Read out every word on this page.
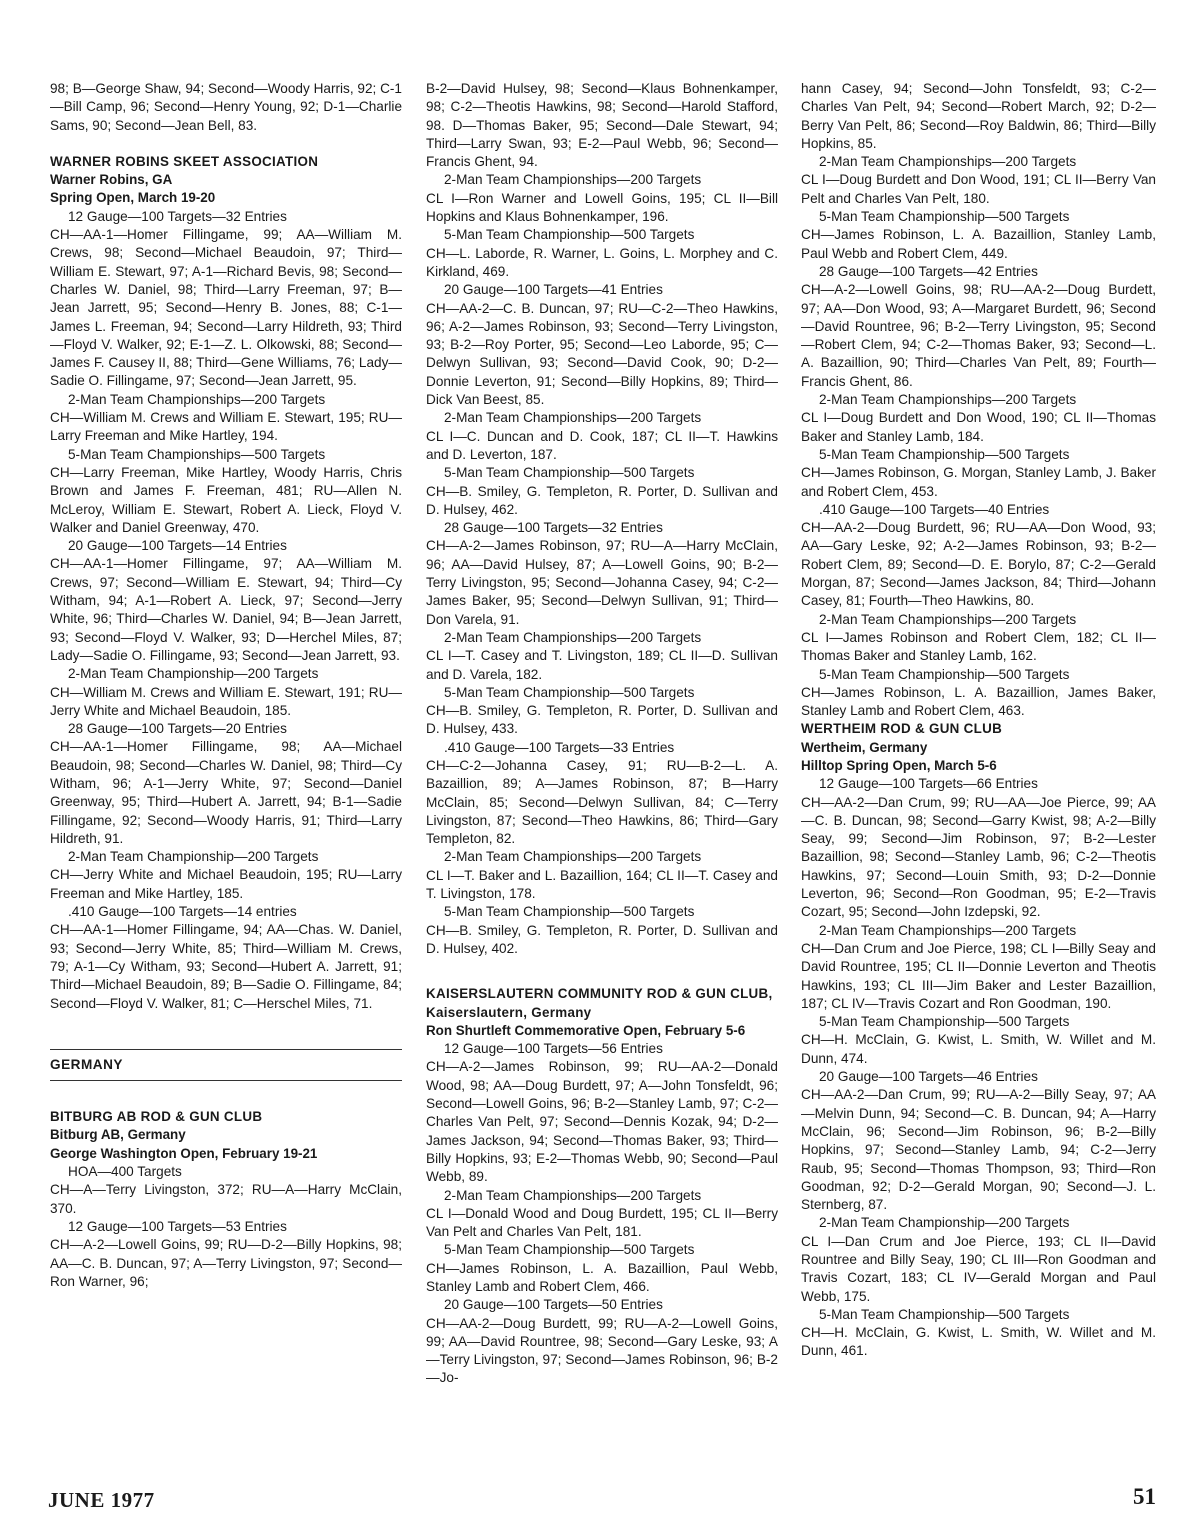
98; B—George Shaw, 94; Second—Woody Harris, 92; C-1—Bill Camp, 96; Second—Henry Young, 92; D-1—Charlie Sams, 90; Second—Jean Bell, 83.

WARNER ROBINS SKEET ASSOCIATION

Warner Robins, GA

Spring Open, March 19-20

12 Gauge—100 Targets—32 Entries

CH—AA-1—Homer Fillingame, 99; AA—William M. Crews, 98; Second—Michael Beaudoin, 97; Third—William E. Stewart, 97; A-1—Richard Bevis, 98; Second—Charles W. Daniel, 98; Third—Larry Freeman, 97; B—Jean Jarrett, 95; Second—Henry B. Jones, 88; C-1—James L. Freeman, 94; Second—Larry Hildreth, 93; Third—Floyd V. Walker, 92; E-1—Z. L. Olkowski, 88; Second—James F. Causey II, 88; Third—Gene Williams, 76; Lady—Sadie O. Fillingame, 97; Second—Jean Jarrett, 95.

2-Man Team Championships—200 Targets

CH—William M. Crews and William E. Stewart, 195; RU—Larry Freeman and Mike Hartley, 194.

5-Man Team Championships—500 Targets

CH—Larry Freeman, Mike Hartley, Woody Harris, Chris Brown and James F. Freeman, 481; RU—Allen N. McLeroy, William E. Stewart, Robert A. Lieck, Floyd V. Walker and Daniel Greenway, 470.

20 Gauge—100 Targets—14 Entries

CH—AA-1—Homer Fillingame, 97; AA—William M. Crews, 97; Second—William E. Stewart, 94; Third—Cy Witham, 94; A-1—Robert A. Lieck, 97; Second—Jerry White, 96; Third—Charles W. Daniel, 94; B—Jean Jarrett, 93; Second—Floyd V. Walker, 93; D—Herchel Miles, 87; Lady—Sadie O. Fillingame, 93; Second—Jean Jarrett, 93.

2-Man Team Championship—200 Targets

CH—William M. Crews and William E. Stewart, 191; RU—Jerry White and Michael Beaudoin, 185.

28 Gauge—100 Targets—20 Entries

CH—AA-1—Homer Fillingame, 98; AA—Michael Beaudoin, 98; Second—Charles W. Daniel, 98; Third—Cy Witham, 96; A-1—Jerry White, 97; Second—Daniel Greenway, 95; Third—Hubert A. Jarrett, 94; B-1—Sadie Fillingame, 92; Second—Woody Harris, 91; Third—Larry Hildreth, 91.

2-Man Team Championship—200 Targets

CH—Jerry White and Michael Beaudoin, 195; RU—Larry Freeman and Mike Hartley, 185.

.410 Gauge—100 Targets—14 entries

CH—AA-1—Homer Fillingame, 94; AA—Chas. W. Daniel, 93; Second—Jerry White, 85; Third—William M. Crews, 79; A-1—Cy Witham, 93; Second—Hubert A. Jarrett, 91; Third—Michael Beaudoin, 89; B—Sadie O. Fillingame, 84; Second—Floyd V. Walker, 81; C—Herschel Miles, 71.

GERMANY

BITBURG AB ROD & GUN CLUB

Bitburg AB, Germany

George Washington Open, February 19-21

HOA—400 Targets

CH—A—Terry Livingston, 372; RU—A—Harry McClain, 370.

12 Gauge—100 Targets—53 Entries

CH—A-2—Lowell Goins, 99; RU—D-2—Billy Hopkins, 98; AA—C. B. Duncan, 97; A—Terry Livingston, 97; Second—Ron Warner, 96;

B-2—David Hulsey, 98; Second—Klaus Bohnenkamper, 98; C-2—Theotis Hawkins, 98; Second—Harold Stafford, 98. D—Thomas Baker, 95; Second—Dale Stewart, 94; Third—Larry Swan, 93; E-2—Paul Webb, 96; Second—Francis Ghent, 94.

2-Man Team Championships—200 Targets

CL I—Ron Warner and Lowell Goins, 195; CL II—Bill Hopkins and Klaus Bohnenkamper, 196.

5-Man Team Championship—500 Targets

CH—L. Laborde, R. Warner, L. Goins, L. Morphey and C. Kirkland, 469.

20 Gauge—100 Targets—41 Entries

CH—AA-2—C. B. Duncan, 97; RU—C-2—Theo Hawkins, 96; A-2—James Robinson, 93; Second—Terry Livingston, 93; B-2—Roy Porter, 95; Second—Leo Laborde, 95; C—Delwyn Sullivan, 93; Second—David Cook, 90; D-2—Donnie Leverton, 91; Second—Billy Hopkins, 89; Third—Dick Van Beest, 85.

2-Man Team Championships—200 Targets

CL I—C. Duncan and D. Cook, 187; CL II—T. Hawkins and D. Leverton, 187.

5-Man Team Championship—500 Targets

CH—B. Smiley, G. Templeton, R. Porter, D. Sullivan and D. Hulsey, 462.

28 Gauge—100 Targets—32 Entries

CH—A-2—James Robinson, 97; RU—A—Harry McClain, 96; AA—David Hulsey, 87; A—Lowell Goins, 90; B-2—Terry Livingston, 95; Second—Johanna Casey, 94; C-2—James Baker, 95; Second—Delwyn Sullivan, 91; Third—Don Varela, 91.

2-Man Team Championships—200 Targets

CL I—T. Casey and T. Livingston, 189; CL II—D. Sullivan and D. Varela, 182.

5-Man Team Championship—500 Targets

CH—B. Smiley, G. Templeton, R. Porter, D. Sullivan and D. Hulsey, 433.

.410 Gauge—100 Targets—33 Entries

CH—C-2—Johanna Casey, 91; RU—B-2—L. A. Bazaillion, 89; A—James Robinson, 87; B—Harry McClain, 85; Second—Delwyn Sullivan, 84; C—Terry Livingston, 87; Second—Theo Hawkins, 86; Third—Gary Templeton, 82.

2-Man Team Championships—200 Targets

CL I—T. Baker and L. Bazaillion, 164; CL II—T. Casey and T. Livingston, 178.

5-Man Team Championship—500 Targets

CH—B. Smiley, G. Templeton, R. Porter, D. Sullivan and D. Hulsey, 402.

KAISERSLAUTERN COMMUNITY ROD & GUN CLUB, Kaiserslautern, Germany

Ron Shurtleft Commemorative Open, February 5-6

12 Gauge—100 Targets—56 Entries

CH—A-2—James Robinson, 99; RU—AA-2—Donald Wood, 98; AA—Doug Burdett, 97; A—John Tonsfeldt, 96; Second—Lowell Goins, 96; B-2—Stanley Lamb, 97; C-2—Charles Van Pelt, 97; Second—Dennis Kozak, 94; D-2—James Jackson, 94; Second—Thomas Baker, 93; Third—Billy Hopkins, 93; E-2—Thomas Webb, 90; Second—Paul Webb, 89.

2-Man Team Championships—200 Targets

CL I—Donald Wood and Doug Burdett, 195; CL II—Berry Van Pelt and Charles Van Pelt, 181.

5-Man Team Championship—500 Targets

CH—James Robinson, L. A. Bazaillion, Paul Webb, Stanley Lamb and Robert Clem, 466.

20 Gauge—100 Targets—50 Entries

CH—AA-2—Doug Burdett, 99; RU—A-2—Lowell Goins, 99; AA—David Rountree, 98; Second—Gary Leske, 93; A—Terry Livingston, 97; Second—James Robinson, 96; B-2—Jo-

hann Casey, 94; Second—John Tonsfeldt, 93; C-2—Charles Van Pelt, 94; Second—Robert March, 92; D-2—Berry Van Pelt, 86; Second—Roy Baldwin, 86; Third—Billy Hopkins, 85.

2-Man Team Championships—200 Targets

CL I—Doug Burdett and Don Wood, 191; CL II—Berry Van Pelt and Charles Van Pelt, 180.

5-Man Team Championship—500 Targets

CH—James Robinson, L. A. Bazaillion, Stanley Lamb, Paul Webb and Robert Clem, 449.

28 Gauge—100 Targets—42 Entries

CH—A-2—Lowell Goins, 98; RU—AA-2—Doug Burdett, 97; AA—Don Wood, 93; A—Margaret Burdett, 96; Second—David Rountree, 96; B-2—Terry Livingston, 95; Second—Robert Clem, 94; C-2—Thomas Baker, 93; Second—L. A. Bazaillion, 90; Third—Charles Van Pelt, 89; Fourth—Francis Ghent, 86.

2-Man Team Championships—200 Targets

CL I—Doug Burdett and Don Wood, 190; CL II—Thomas Baker and Stanley Lamb, 184.

5-Man Team Championship—500 Targets

CH—James Robinson, G. Morgan, Stanley Lamb, J. Baker and Robert Clem, 453.

.410 Gauge—100 Targets—40 Entries

CH—AA-2—Doug Burdett, 96; RU—AA—Don Wood, 93; AA—Gary Leske, 92; A-2—James Robinson, 93; B-2—Robert Clem, 89; Second—D. E. Borylo, 87; C-2—Gerald Morgan, 87; Second—James Jackson, 84; Third—Johann Casey, 81; Fourth—Theo Hawkins, 80.

2-Man Team Championships—200 Targets

CL I—James Robinson and Robert Clem, 182; CL II—Thomas Baker and Stanley Lamb, 162.

5-Man Team Championship—500 Targets

CH—James Robinson, L. A. Bazaillion, James Baker, Stanley Lamb and Robert Clem, 463.

WERTHEIM ROD & GUN CLUB

Wertheim, Germany

Hilltop Spring Open, March 5-6

12 Gauge—100 Targets—66 Entries

CH—AA-2—Dan Crum, 99; RU—AA—Joe Pierce, 99; AA—C. B. Duncan, 98; Second—Garry Kwist, 98; A-2—Billy Seay, 99; Second—Jim Robinson, 97; B-2—Lester Bazaillion, 98; Second—Stanley Lamb, 96; C-2—Theotis Hawkins, 97; Second—Louin Smith, 93; D-2—Donnie Leverton, 96; Second—Ron Goodman, 95; E-2—Travis Cozart, 95; Second—John Izdepski, 92.

2-Man Team Championships—200 Targets

CH—Dan Crum and Joe Pierce, 198; CL I—Billy Seay and David Rountree, 195; CL II—Donnie Leverton and Theotis Hawkins, 193; CL III—Jim Baker and Lester Bazaillion, 187; CL IV—Travis Cozart and Ron Goodman, 190.

5-Man Team Championship—500 Targets

CH—H. McClain, G. Kwist, L. Smith, W. Willet and M. Dunn, 474.

20 Gauge—100 Targets—46 Entries

CH—AA-2—Dan Crum, 99; RU—A-2—Billy Seay, 97; AA—Melvin Dunn, 94; Second—C. B. Duncan, 94; A—Harry McClain, 96; Second—Jim Robinson, 96; B-2—Billy Hopkins, 97; Second—Stanley Lamb, 94; C-2—Jerry Raub, 95; Second—Thomas Thompson, 93; Third—Ron Goodman, 92; D-2—Gerald Morgan, 90; Second—J. L. Sternberg, 87.

2-Man Team Championship—200 Targets

CL I—Dan Crum and Joe Pierce, 193; CL II—David Rountree and Billy Seay, 190; CL III—Ron Goodman and Travis Cozart, 183; CL IV—Gerald Morgan and Paul Webb, 175.

5-Man Team Championship—500 Targets

CH—H. McClain, G. Kwist, L. Smith, W. Willet and M. Dunn, 461.

JUNE 1977	51
